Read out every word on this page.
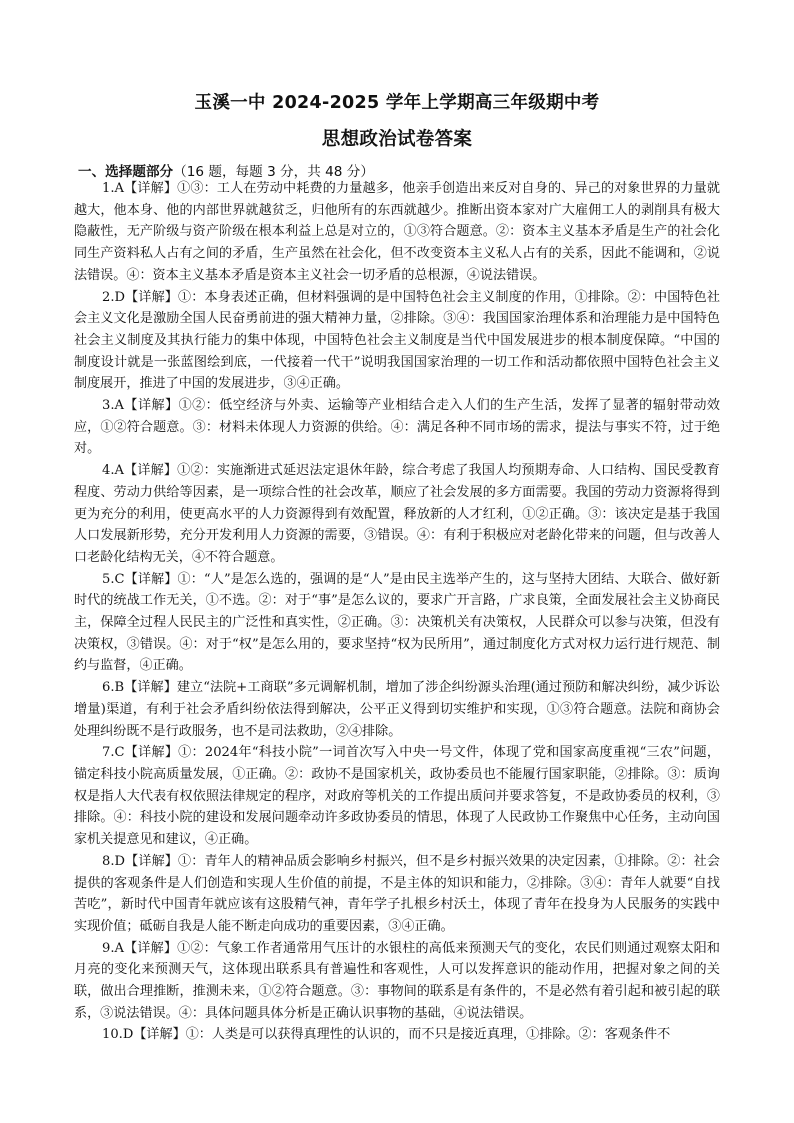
玉溪一中 2024-2025 学年上学期高三年级期中考
思想政治试卷答案
一、选择题部分（16 题，每题 3 分，共 48 分）

1.A【详解】①③：工人在劳动中耗费的力量越多，他亲手创造出来反对自身的、异己的对象世界的力量就越大，他本身、他的内部世界就越贫乏，归他所有的东西就越少。推断出资本家对广大雇佣工人的剥削具有极大隐蔽性，无产阶级与资产阶级在根本利益上总是对立的，①③符合题意。②：资本主义基本矛盾是生产的社会化同生产资料私人占有之间的矛盾，生产虽然在社会化，但不改变资本主义私人占有的关系，因此不能调和，②说法错误。④：资本主义基本矛盾是资本主义社会一切矛盾的总根源，④说法错误。

2.D【详解】①：本身表述正确，但材料强调的是中国特色社会主义制度的作用，①排除。②：中国特色社会主义文化是激励全国人民奋勇前进的强大精神力量，②排除。③④：我国国家治理体系和治理能力是中国特色社会主义制度及其执行能力的集中体现，中国特色社会主义制度是当代中国发展进步的根本制度保障。“中国的制度设计就是一张蓝图绘到底，一代接着一代干”说明我国国家治理的一切工作和活动都依照中国特色社会主义制度展开，推进了中国的发展进步，③④正确。

3.A【详解】①②：低空经济与外卖、运输等产业相结合走入人们的生产生活，发挥了显著的辐射带动效应，①②符合题意。③：材料未体现人力资源的供给。④：满足各种不同市场的需求，提法与事实不符，过于绝对。

4.A【详解】①②：实施渐进式延迟法定退休年龄，综合考虑了我国人均预期寿命、人口结构、国民受教育程度、劳动力供给等因素，是一项综合性的社会改革，顺应了社会发展的多方面需要。我国的劳动力资源将得到更为充分的利用，使更高水平的人力资源得到有效配置，释放新的人才红利，①②正确。③：该决定是基于我国人口发展新形势，充分开发利用人力资源的需要，③错误。④：有利于积极应对老龄化带来的问题，但与改善人口老龄化结构无关，④不符合题意。

5.C【详解】①：“人”是怎么选的，强调的是“人”是由民主选举产生的，这与坚持大团结、大联合、做好新时代的统战工作无关，①不选。②：对于“事”是怎么议的，要求广开言路，广求良策，全面发展社会主义协商民主，保障全过程人民民主的广泛性和真实性，②正确。③：决策机关有决策权，人民群众可以参与决策，但没有决策权，③错误。④：对于“权”是怎么用的，要求坚持“权为民所用”，通过制度化方式对权力运行进行规范、制约与监督，④正确。

6.B【详解】建立“法院+工商联”多元调解机制，增加了涉企纠纷源头治理(通过预防和解决纠纷，减少诉讼增量)渠道，有利于社会矛盾纠纷依法得到解决，公平正义得到切实维护和实现，①③符合题意。法院和商协会处理纠纷既不是行政服务，也不是司法救助，②④排除。

7.C【详解】①：2024年“科技小院”一词首次写入中央一号文件，体现了党和国家高度重视“三农”问题，锚定科技小院高质量发展，①正确。②：政协不是国家机关，政协委员也不能履行国家职能，②排除。③：质询权是指人大代表有权依照法律规定的程序，对政府等机关的工作提出质问并要求答复，不是政协委员的权利，③排除。④：科技小院的建设和发展问题牵动许多政协委员的情思，体现了人民政协工作聚焦中心任务，主动向国家机关提意见和建议，④正确。

8.D【详解】①：青年人的精神品质会影响乡村振兴，但不是乡村振兴效果的决定因素，①排除。②：社会提供的客观条件是人们创造和实现人生价值的前提，不是主体的知识和能力，②排除。③④：青年人就要“自找苦吃”，新时代中国青年就应该有这股精气神，青年学子扎根乡村沃土，体现了青年在投身为人民服务的实践中实现价值；砥砺自我是人能不断走向成功的重要因素，③④正确。

9.A【详解】①②：气象工作者通常用气压计的水银柱的高低来预测天气的变化，农民们则通过观察太阳和月亮的变化来预测天气，这体现出联系具有普遍性和客观性，人可以发挥意识的能动作用，把握对象之间的关联，做出合理推断，推测未来，①②符合题意。③：事物间的联系是有条件的，不是必然有着引起和被引起的联系，③说法错误。④：具体问题具体分析是正确认识事物的基础，④说法错误。

10.D【详解】①：人类是可以获得真理性的认识的，而不只是接近真理，①排除。②：客观条件不
